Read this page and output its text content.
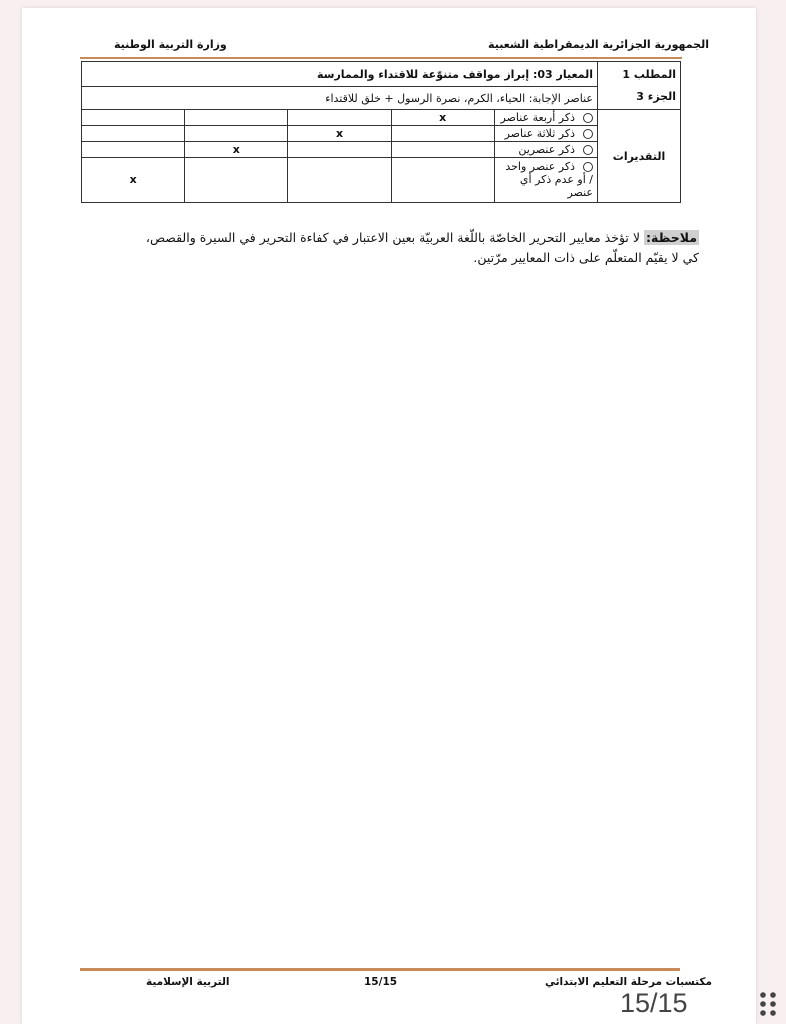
الجمهورية الجزائرية الديمقراطية الشعبية
وزارة التربية الوطنية
المطلب 1
الجزء 3	المعيار 03: إبراز مواقف متنوّعة للاقتداء والممارسة				
	عناصر الإجابة: الحياء، الكرم، نصرة الرسول + خلق للاقتداء				
التقديرات	ذكر أربعة عناصر	x			
	ذكر ثلاثة عناصر		x		
	ذكر عنصرين			x	
	ذكر عنصر واحد / أو عدم ذكر أي عنصر				x
ملاحظة: لا تؤخذ معايير التحرير الخاصّة باللّغة العربيّة بعين الاعتبار في كفاءة التحرير في السيرة والقصص،
كي لا يقيّم المتعلّم على ذات المعايير مرّتين.
مكتسبات مرحلة التعليم الابتدائي
15/15
التربية الإسلامية
15/15
